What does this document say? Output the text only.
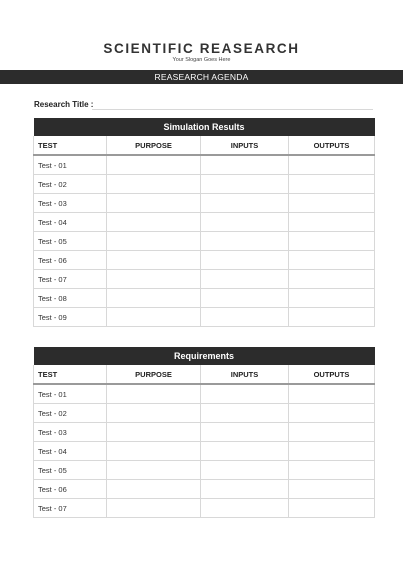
SCIENTIFIC REASEARCH
Your Slogan Goes Here
REASEARCH AGENDA
Research Title :
Simulation Results			
TEST	PURPOSE	INPUTS	OUTPUTS
Test - 01			
Test - 02			
Test - 03			
Test - 04			
Test - 05			
Test - 06			
Test - 07			
Test - 08			
Test - 09			
Requirements			
TEST	PURPOSE	INPUTS	OUTPUTS
Test - 01			
Test - 02			
Test - 03			
Test - 04			
Test - 05			
Test - 06			
Test - 07			
